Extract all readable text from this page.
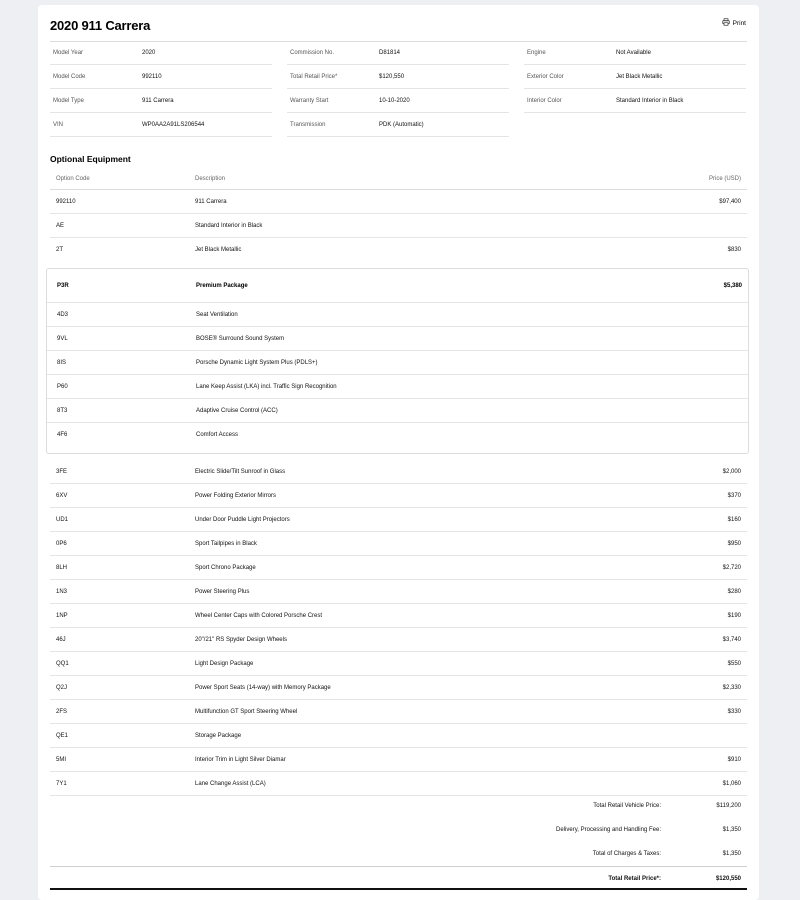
2020 911 Carrera	Print
Model Year	2020
Model Code	992110
Model Type	911 Carrera
VIN	WP0AA2A91LS206544
Commission No.	D81814
Total Retail Price*	$120,550
Warranty Start	10-10-2020
Transmission	PDK (Automatic)
Engine	Not Available
Exterior Color	Jet Black Metallic
Interior Color	Standard Interior in Black
Optional Equipment
Option Code	Description	Price (USD)
992110	911 Carrera	$97,400
AE	Standard Interior in Black
2T	Jet Black Metallic	$830
P3R	Premium Package	$5,380
4D3	Seat Ventilation
9VL	BOSE® Surround Sound System
8IS	Porsche Dynamic Light System Plus (PDLS+)
P60	Lane Keep Assist (LKA) incl. Traffic Sign Recognition
8T3	Adaptive Cruise Control (ACC)
4F6	Comfort Access
3FE	Electric Slide/Tilt Sunroof in Glass	$2,000
6XV	Power Folding Exterior Mirrors	$370
UD1	Under Door Puddle Light Projectors	$160
0P6	Sport Tailpipes in Black	$950
8LH	Sport Chrono Package	$2,720
1N3	Power Steering Plus	$280
1NP	Wheel Center Caps with Colored Porsche Crest	$190
46J	20"/21" RS Spyder Design Wheels	$3,740
QQ1	Light Design Package	$550
Q2J	Power Sport Seats (14-way) with Memory Package	$2,330
2FS	Multifunction GT Sport Steering Wheel	$330
QE1	Storage Package
5MI	Interior Trim in Light Silver Diamar	$910
7Y1	Lane Change Assist (LCA)	$1,060
Total Retail Vehicle Price:	$119,200
Delivery, Processing and Handling Fee:	$1,350
Total of Charges & Taxes:	$1,350
Total Retail Price*:	$120,550
